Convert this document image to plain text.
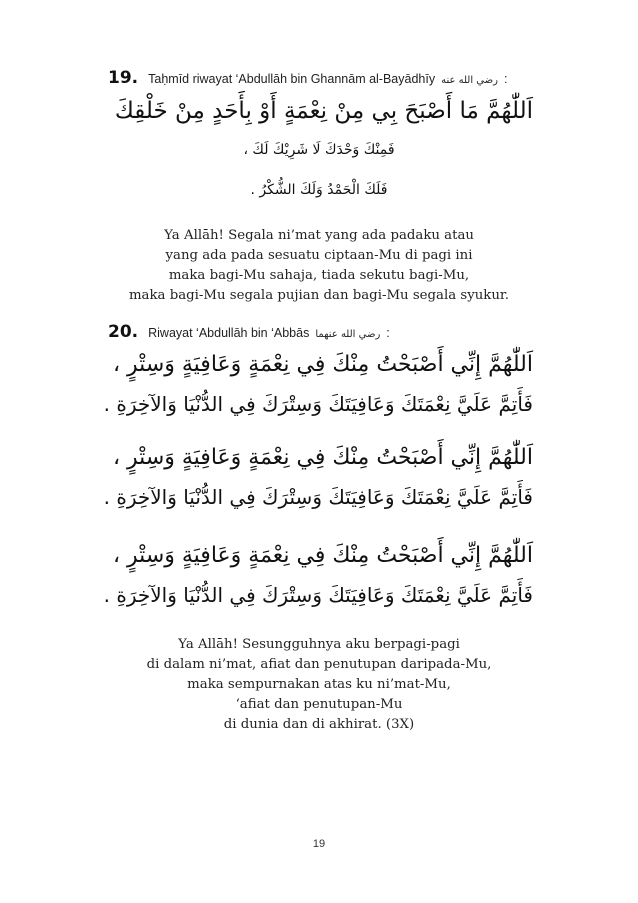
19. Taḥmīd riwayat ‘Abdullāh bin Ghannām al-Bayādhīy رضي الله عنه :
اَللّٰهُمَّ مَا أَصْبَحَ بِي مِنْ نِعْمَةٍ أَوْ بِأَحَدٍ مِنْ خَلْقِكَ
فَمِنْكَ وَحْدَكَ لَا شَرِيْكَ لَكَ ،
فَلَكَ الْحَمْدُ وَلَكَ الشُّكْرُ .
Ya Allāh! Segala ni’mat yang ada padaku atau
yang ada pada sesuatu ciptaan-Mu di pagi ini
maka bagi-Mu sahaja, tiada sekutu bagi-Mu,
maka bagi-Mu segala pujian dan bagi-Mu segala syukur.
20. Riwayat ‘Abdullāh bin ‘Abbās رضي الله عنهما :
اَللّٰهُمَّ إِنِّي أَصْبَحْتُ مِنْكَ فِي نِعْمَةٍ وَعَافِيَةٍ وَسِتْرٍ ،
فَأَتِمَّ عَلَيَّ نِعْمَتَكَ وَعَافِيَتَكَ وَسِتْرَكَ فِي الدُّنْيَا وَالآخِرَةِ .
اَللّٰهُمَّ إِنِّي أَصْبَحْتُ مِنْكَ فِي نِعْمَةٍ وَعَافِيَةٍ وَسِتْرٍ ،
فَأَتِمَّ عَلَيَّ نِعْمَتَكَ وَعَافِيَتَكَ وَسِتْرَكَ فِي الدُّنْيَا وَالآخِرَةِ .
اَللّٰهُمَّ إِنِّي أَصْبَحْتُ مِنْكَ فِي نِعْمَةٍ وَعَافِيَةٍ وَسِتْرٍ ،
فَأَتِمَّ عَلَيَّ نِعْمَتَكَ وَعَافِيَتَكَ وَسِتْرَكَ فِي الدُّنْيَا وَالآخِرَةِ .
Ya Allāh! Sesungguhnya aku berpagi-pagi
di dalam ni’mat, afiat dan penutupan daripada-Mu,
maka sempurnakan atas ku ni’mat-Mu,
‘afiat dan penutupan-Mu
di dunia dan di akhirat. (3X)
19
